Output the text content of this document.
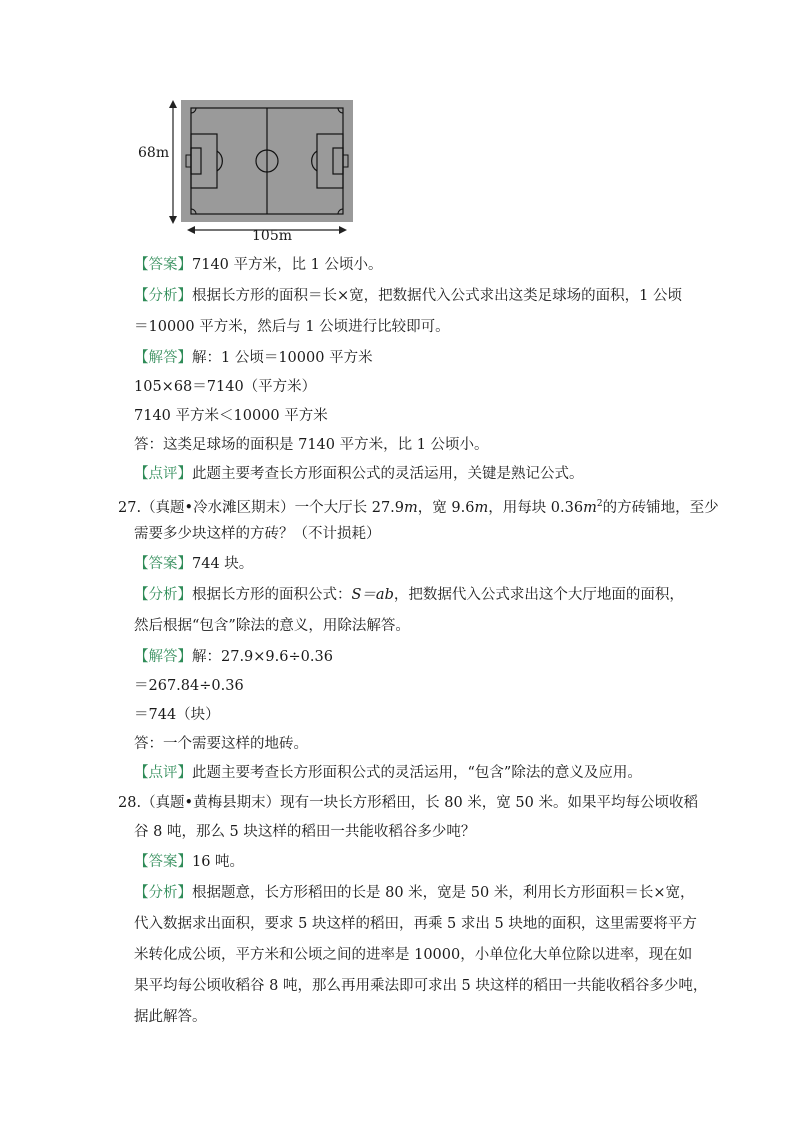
68m
105m
【答案】7140 平方米，比 1 公顷小。
【分析】根据长方形的面积＝长×宽，把数据代入公式求出这类足球场的面积，1 公顷
＝10000 平方米，然后与 1 公顷进行比较即可。
【解答】解：1 公顷＝10000 平方米
105×68＝7140（平方米）
7140 平方米＜10000 平方米
答：这类足球场的面积是 7140 平方米，比 1 公顷小。
【点评】此题主要考查长方形面积公式的灵活运用，关键是熟记公式。
27.（真题•冷水滩区期末）一个大厅长 27.9m，宽 9.6m，用每块 $0.36m^2$的方砖铺地，至少
需要多少块这样的方砖？（不计损耗）
【答案】744 块。
【分析】根据长方形的面积公式：S＝ab，把数据代入公式求出这个大厅地面的面积，
然后根据“包含”除法的意义，用除法解答。
【解答】解：27.9×9.6÷0.36
＝267.84÷0.36
＝744（块）
答：一个需要这样的地砖。
【点评】此题主要考查长方形面积公式的灵活运用，“包含”除法的意义及应用。
28.（真题•黄梅县期末）现有一块长方形稻田，长 80 米，宽 50 米。如果平均每公顷收稻
谷 8 吨，那么 5 块这样的稻田一共能收稻谷多少吨？
【答案】16 吨。
【分析】根据题意，长方形稻田的长是 80 米，宽是 50 米，利用长方形面积＝长×宽，
代入数据求出面积，要求 5 块这样的稻田，再乘 5 求出 5 块地的面积，这里需要将平方
米转化成公顷，平方米和公顷之间的进率是 10000，小单位化大单位除以进率，现在如
果平均每公顷收稻谷 8 吨，那么再用乘法即可求出 5 块这样的稻田一共能收稻谷多少吨，
据此解答。
